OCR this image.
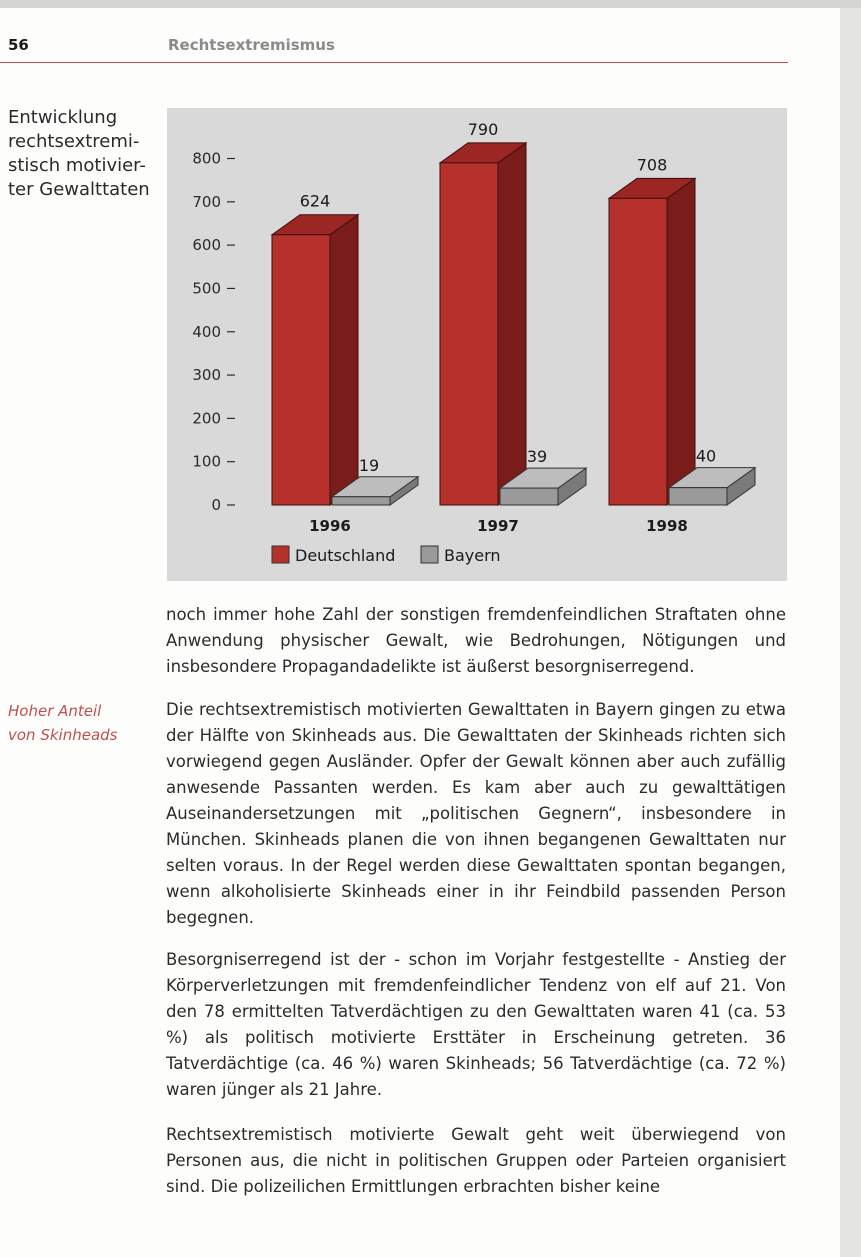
56	Rechtsextremismus
Entwicklung
rechtsextremi-
stisch motivier-
ter Gewalttaten
Hoher Anteil
von Skinheads
0
100
200
300
400
500
600
700
800
624
19
1996
790
39
1997
708
40
1998
Deutschland	Bayern

noch immer hohe Zahl der sonstigen fremdenfeindlichen Straftaten ohne Anwendung physischer Gewalt, wie Bedrohungen, Nötigungen und insbesondere Propagandadelikte ist äußerst besorgniserregend.

Die rechtsextremistisch motivierten Gewalttaten in Bayern gingen zu etwa der Hälfte von Skinheads aus. Die Gewalttaten der Skinheads richten sich vorwiegend gegen Ausländer. Opfer der Gewalt können aber auch zufällig anwesende Passanten werden. Es kam aber auch zu gewalttätigen Auseinandersetzungen mit „politischen Gegnern“, insbesondere in München. Skinheads planen die von ihnen begangenen Gewalttaten nur selten voraus. In der Regel werden diese Gewalttaten spontan begangen, wenn alkoholisierte Skinheads einer in ihr Feindbild passenden Person begegnen.

Besorgniserregend ist der - schon im Vorjahr festgestellte - Anstieg der Körperverletzungen mit fremdenfeindlicher Tendenz von elf auf 21. Von den 78 ermittelten Tatverdächtigen zu den Gewalttaten waren 41 (ca. 53 %) als politisch motivierte Ersttäter in Erscheinung getreten. 36 Tatverdächtige (ca. 46 %) waren Skinheads; 56 Tatverdächtige (ca. 72 %) waren jünger als 21 Jahre.

Rechtsextremistisch motivierte Gewalt geht weit überwiegend von Personen aus, die nicht in politischen Gruppen oder Parteien organisiert sind. Die polizeilichen Ermittlungen erbrachten bisher keine
